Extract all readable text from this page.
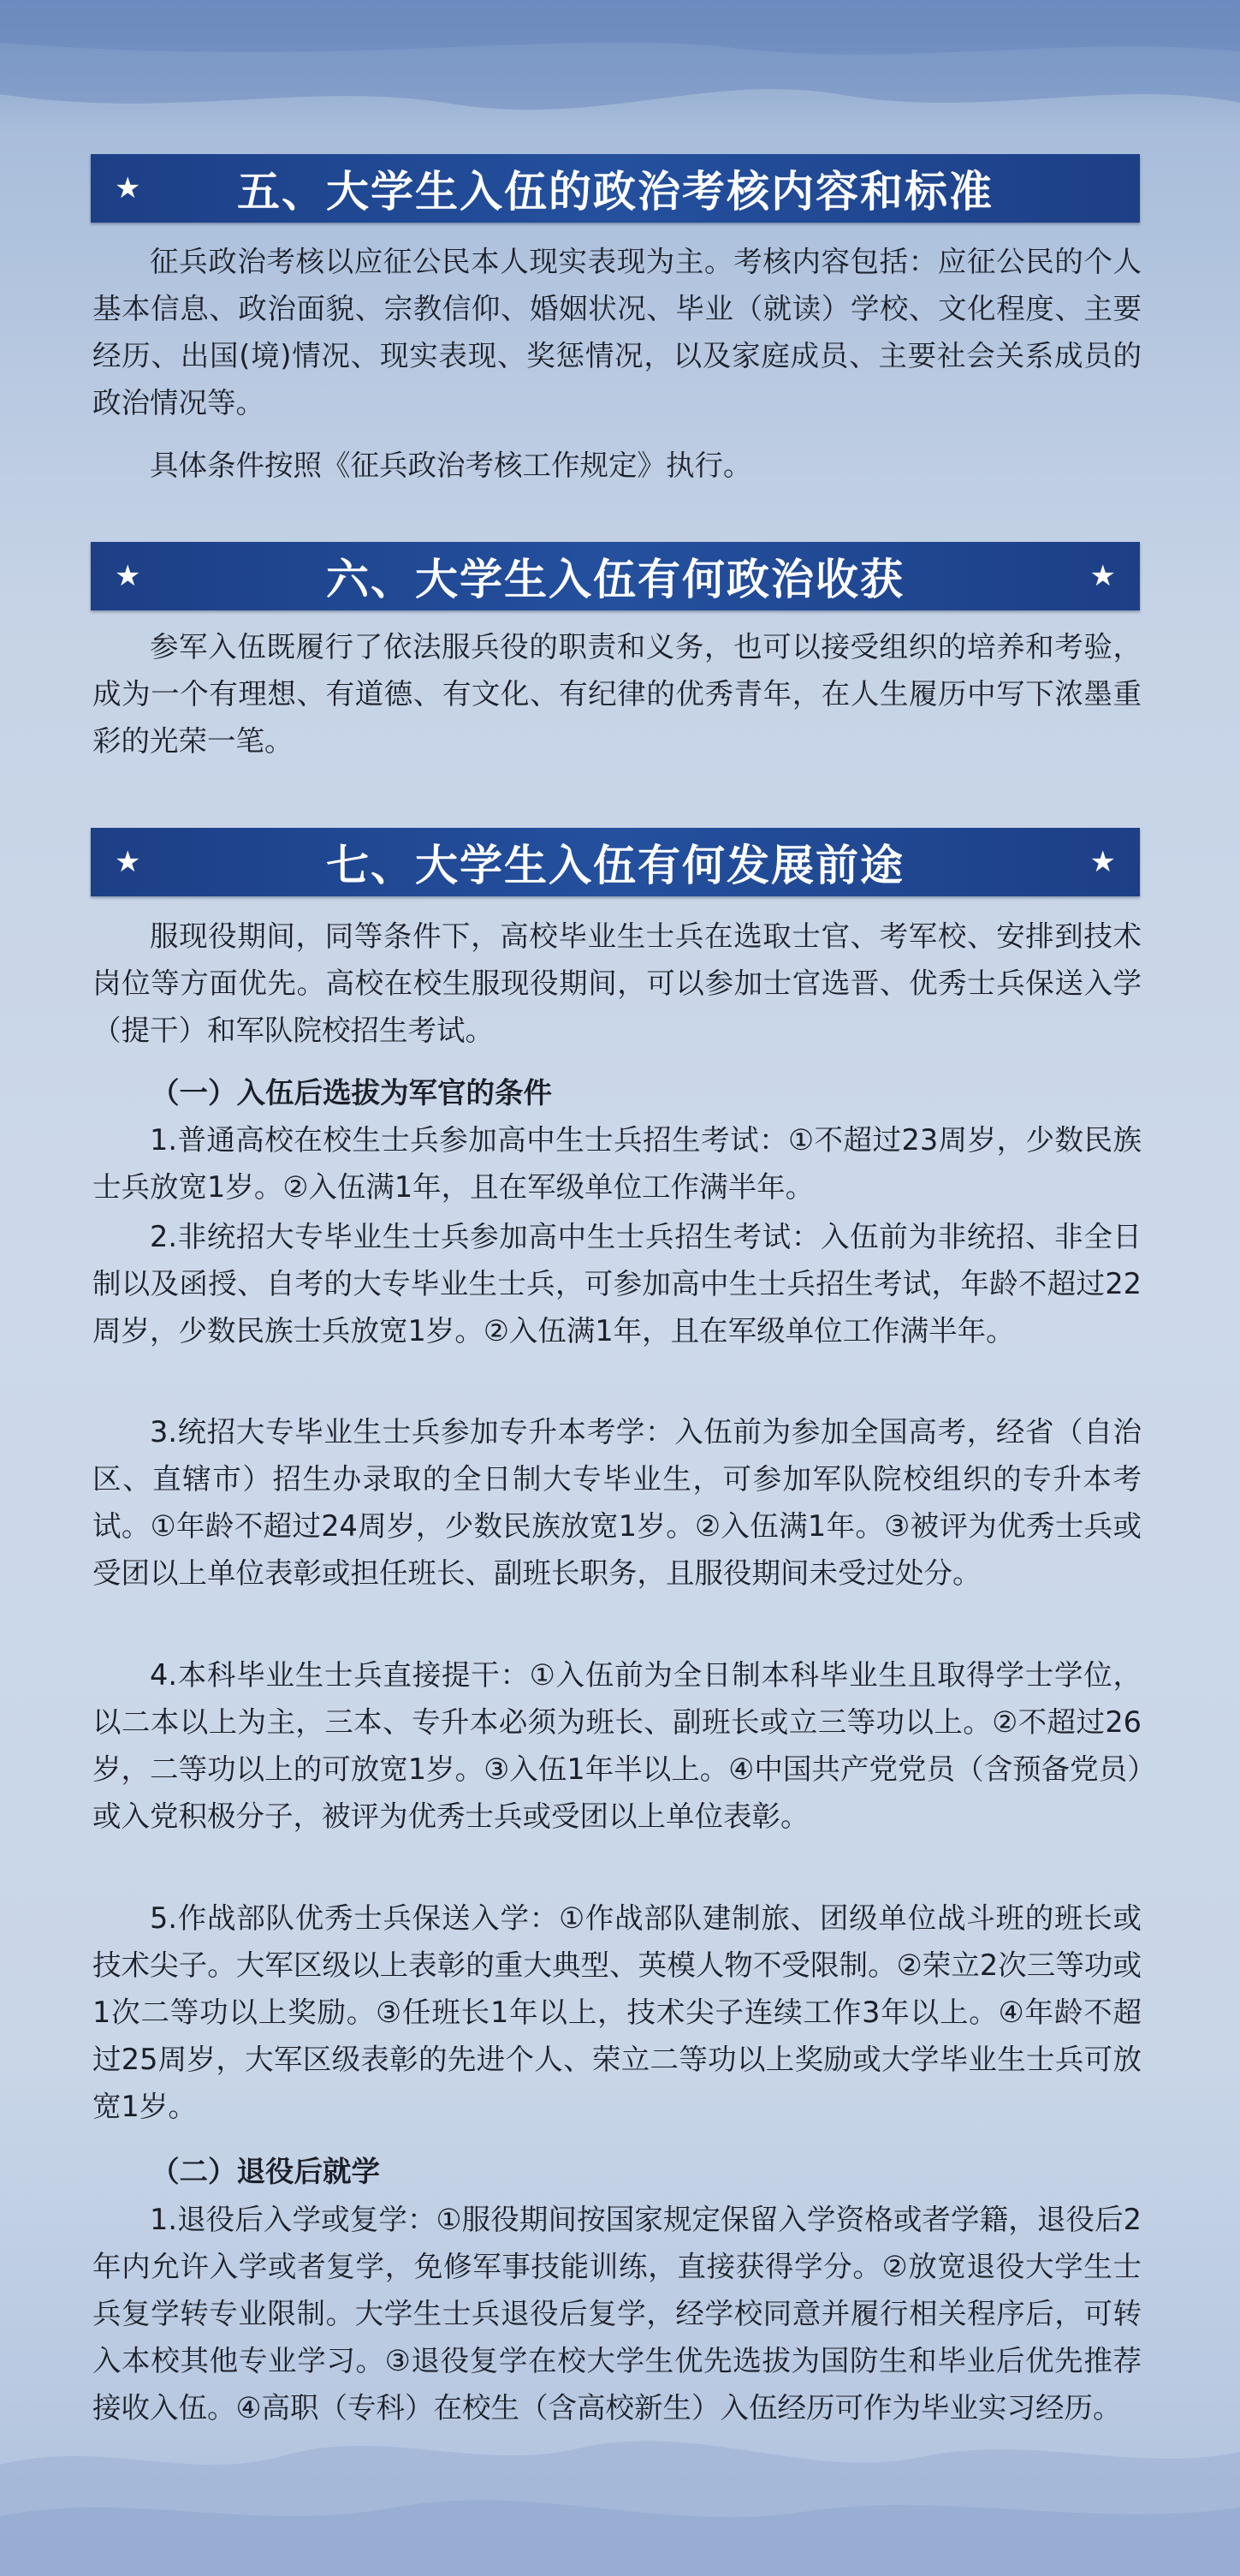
★	五、大学生入伍的政治考核内容和标准

征兵政治考核以应征公民本人现实表现为主。考核内容包括：应征公民的个人基本信息、政治面貌、宗教信仰、婚姻状况、毕业（就读）学校、文化程度、主要经历、出国(境)情况、现实表现、奖惩情况，以及家庭成员、主要社会关系成员的政治情况等。

具体条件按照《征兵政治考核工作规定》执行。

★	★
六、大学生入伍有何政治收获

参军入伍既履行了依法服兵役的职责和义务，也可以接受组织的培养和考验，成为一个有理想、有道德、有文化、有纪律的优秀青年，在人生履历中写下浓墨重彩的光荣一笔。

★	★
七、大学生入伍有何发展前途

服现役期间，同等条件下，高校毕业生士兵在选取士官、考军校、安排到技术岗位等方面优先。高校在校生服现役期间，可以参加士官选晋、优秀士兵保送入学（提干）和军队院校招生考试。

（一）入伍后选拔为军官的条件

1.普通高校在校生士兵参加高中生士兵招生考试：①不超过23周岁，少数民族士兵放宽1岁。②入伍满1年，且在军级单位工作满半年。

2.非统招大专毕业生士兵参加高中生士兵招生考试：入伍前为非统招、非全日制以及函授、自考的大专毕业生士兵，可参加高中生士兵招生考试，年龄不超过22周岁，少数民族士兵放宽1岁。②入伍满1年，且在军级单位工作满半年。

3.统招大专毕业生士兵参加专升本考学：入伍前为参加全国高考，经省（自治区、直辖市）招生办录取的全日制大专毕业生，可参加军队院校组织的专升本考试。①年龄不超过24周岁，少数民族放宽1岁。②入伍满1年。③被评为优秀士兵或受团以上单位表彰或担任班长、副班长职务，且服役期间未受过处分。

4.本科毕业生士兵直接提干：①入伍前为全日制本科毕业生且取得学士学位，以二本以上为主，三本、专升本必须为班长、副班长或立三等功以上。②不超过26岁，二等功以上的可放宽1岁。③入伍1年半以上。④中国共产党党员（含预备党员）或入党积极分子，被评为优秀士兵或受团以上单位表彰。

5.作战部队优秀士兵保送入学：①作战部队建制旅、团级单位战斗班的班长或技术尖子。大军区级以上表彰的重大典型、英模人物不受限制。②荣立2次三等功或1次二等功以上奖励。③任班长1年以上，技术尖子连续工作3年以上。④年龄不超过25周岁，大军区级表彰的先进个人、荣立二等功以上奖励或大学毕业生士兵可放宽1岁。

（二）退役后就学

1.退役后入学或复学：①服役期间按国家规定保留入学资格或者学籍，退役后2年内允许入学或者复学，免修军事技能训练，直接获得学分。②放宽退役大学生士兵复学转专业限制。大学生士兵退役后复学，经学校同意并履行相关程序后，可转入本校其他专业学习。③退役复学在校大学生优先选拔为国防生和毕业后优先推荐接收入伍。④高职（专科）在校生（含高校新生）入伍经历可作为毕业实习经历。
